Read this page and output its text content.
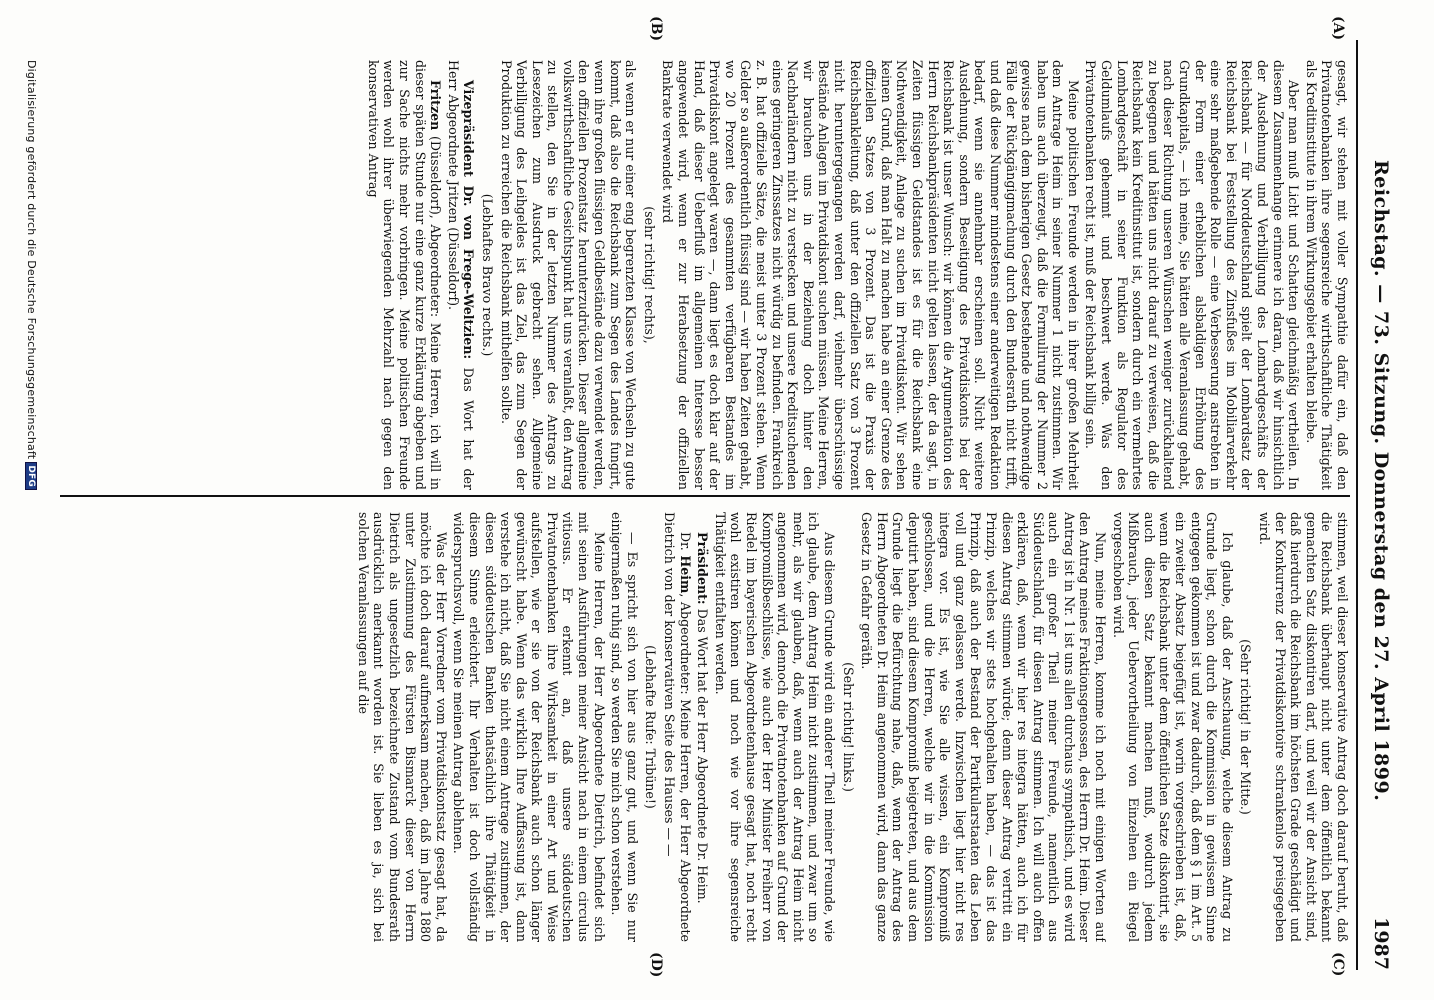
Reichstag. — 73. Sitzung. Donnerstag den 27. April 1899.
1987
(A)
(B)
(C)
(D)

gesagt, wir stehen mit voller Sympathie dafür ein, daß den Privatnotenbanken ihre segensreiche wirthschaftliche Thätigkeit als Kreditinstitute in ihrem Wirkungsgebiet erhalten bleibe.

Aber man muß Licht und Schatten gleichmäßig vertheilen. In diesem Zusammenhange erinnere ich daran, daß wir hinsichtlich der Ausdehnung und Verbilligung des Lombardgeschäfts der Reichsbank — für Norddeutschland spielt der Lombardsatz der Reichsbank bei Feststellung des Zinsfußes im Mobiliarverkehr eine sehr maßgebende Rolle — eine Verbesserung anstrebten in der Form einer erheblichen alsbaldigen Erhöhung des Grundkapitals, — ich meine, Sie hätten alle Veranlassung gehabt, nach dieser Richtung unseren Wünschen weniger zurückhaltend zu begegnen und hätten uns nicht darauf zu verweisen, daß die Reichsbank kein Kreditinstitut ist, sondern durch ein vermehrtes Lombardgeschäft in seiner Funktion als Regulator des Geldumlaufs gehemmt und beschwert werde. Was den Privatnotenbanken recht ist, muß der Reichsbank billig sein.

Meine politischen Freunde werden in ihrer großen Mehrheit dem Antrage Heim in seiner Nummer 1 nicht zustimmen. Wir haben uns auch überzeugt, daß die Formulirung der Nummer 2 gewisse nach dem bisherigen Gesetz bestehende und nothwendige Fälle der Rückgängigmachung durch den Bundesrath nicht trifft, und daß diese Nummer mindestens einer anderweitigen Redaktion bedarf, wenn sie annehmbar erscheinen soll. Nicht weitere Ausdehnung, sondern Beseitigung des Privatdiskonts bei der Reichsbank ist unser Wunsch: wir können die Argumentation des Herrn Reichsbankpräsidenten nicht gelten lassen, der da sagt, in Zeiten flüssigen Geldstandes ist es für die Reichsbank eine Nothwendigkeit, Anlage zu suchen im Privatdiskont. Wir sehen keinen Grund, daß man Halt zu machen habe an einer Grenze des offiziellen Satzes von 3 Prozent. Das ist die Praxis der Reichsbankleitung, daß unter den offiziellen Satz von 3 Prozent nicht heruntergegangen werden darf, vielmehr überschüssige Bestände Anlagen im Privatdiskont suchen müssen. Meine Herren, wir brauchen uns in der Beziehung doch hinter den Nachbarländern nicht zu verstecken und unsere Kreditsuchenden eines geringeren Zinssatzes nicht würdig zu befinden. Frankreich z. B. hat offizielle Sätze, die meist unter 3 Prozent stehen. Wenn Gelder so außerordentlich flüssig sind — wir haben Zeiten gehabt, wo 20 Prozent des gesammten verfügbaren Bestandes im Privatdiskont angelegt waren —, dann liegt es doch klar auf der Hand, daß dieser Ueberfluß im allgemeinen Interesse besser angewendet wird, wenn er zur Herabsetzung der offiziellen Bankrate verwendet wird

(sehr richtig! rechts),

als wenn er nur einer eng begrenzten Klasse von Wechseln zu gute kommt, daß also die Reichsbank zum Segen des Landes fungirt, wenn ihre großen flüssigen Geldbestände dazu verwendet werden, den offiziellen Prozentsatz herunterzudrücken. Dieser allgemeine volkswirthschaftliche Gesichtspunkt hat uns veranlaßt, den Antrag zu stellen, den Sie in der letzten Nummer des Antrags zu Lesezeichen zum Ausdruck gebracht sehen. Allgemeine Verbilligung des Leihgeldes ist das Ziel, das zum Segen der Produktion zu erreichen die Reichsbank mithelfen sollte.

(Lebhaftes Bravo rechts.)

Vizepräsident Dr. von Frege-Weltzien: Das Wort hat der Herr Abgeordnete Jritzen (Düsseldorf).

Fritzen (Düsseldorf), Abgeordneter: Meine Herren, ich will in dieser späten Stunde nur eine ganz kurze Erklärung abgeben und zur Sache nichts mehr vorbringen. Meine politischen Freunde werden wohl ihrer überwiegenden Mehrzahl nach gegen den konservativen Antrag

stimmen, weil dieser konservative Antrag doch darauf beruht, daß die Reichsbank überhaupt nicht unter dem öffentlich bekannt gemachten Satz diskontiren darf, und weil wir der Ansicht sind, daß hierdurch die Reichsbank im höchsten Grade geschädigt und der Konkurrenz der Privatdiskontoire schrankenlos preisgegeben wird.

(Sehr richtig! in der Mitte.)

Ich glaube, daß der Anschauung, welche diesem Antrag zu Grunde liegt, schon durch die Kommission in gewissem Sinne entgegen gekommen ist und zwar dadurch, daß dem § 1 im Art. 5 ein zweiter Absatz beigefügt ist, worin vorgeschrieben ist, daß, wenn die Reichsbank unter dem öffentlichen Satze diskontirt, sie auch diesen Satz bekannt machen muß, wodurch jedem Mißbrauch, jeder Uebervortheilung von Einzelnen ein Riegel vorgeschoben wird.

Nun, meine Herren, komme ich noch mit einigen Worten auf den Antrag meines Fraktionsgenossen, des Herrn Dr. Heim. Dieser Antrag ist in Nr. 1 ist uns allen durchaus sympathisch, und es wird auch ein großer Theil meiner Freunde, namentlich aus Süddeutschland, für diesen Antrag stimmen. Ich will auch offen erklären, daß, wenn wir hier res integra hätten, auch ich für diesen Antrag stimmen würde; denn dieser Antrag vertritt ein Prinzip, welches wir stets hochgehalten haben, — das ist das Prinzip, daß auch der Bestand der Partikularstaaten das Leben voll und ganz gelassen werde. Inzwischen liegt hier nicht res integra vor. Es ist, wie Sie alle wissen, ein Kompromiß geschlossen, und die Herren, welche wir in die Kommission deputirt haben, sind diesem Kompromiß beigetreten, und aus dem Grunde liegt die Befürchtung nahe, daß, wenn der Antrag des Herrn Abgeordneten Dr. Heim angenommen wird, dann das ganze Gesetz in Gefahr geräth.

(Sehr richtig! links.)

Aus diesem Grunde wird ein anderer Theil meiner Freunde, wie ich glaube, dem Antrag Heim nicht zustimmen, und zwar um so mehr, als wir glauben, daß, wenn auch der Antrag Heim nicht angenommen wird, dennoch die Privatnotenbanken auf Grund der Kompromißbeschlüsse, wie auch der Herr Minister Freiherr von Riedel im bayerischen Abgeordnetenhause gesagt hat, noch recht wohl existiren können und noch wie vor ihre segensreiche Thätigkeit entfalten werden.

Präsident: Das Wort hat der Herr Abgeordnete Dr. Heim.

Dr. Heim, Abgeordneter: Meine Herren, der Herr Abgeordnete Dietrich von der konservativen Seite des Hauses — —

(Lebhafte Rufe: Tribüne!)

— Es spricht sich von hier aus ganz gut, und wenn Sie nur einigermaßen ruhig sind, so werden Sie mich schon verstehen.

Meine Herren, der Herr Abgeordnete Dietrich, befindet sich mit seinen Ausführungen meiner Ansicht nach in einem circulus vitiosus. Er erkennt an, daß unsere süddeutschen Privatnotenbanken ihre Wirksamkeit in einer Art und Weise aufstellen, wie er sie von der Reichsbank auch schon länger gewünscht habe. Wenn das wirklich Ihre Auffassung ist, dann verstehe ich nicht, daß Sie nicht einem Antrage zustimmen, der diesen süddeutschen Banken thatsächlich ihre Thätigkeit in diesem Sinne erleichtert. Ihr Verhalten ist doch vollständig widerspruchsvoll, wenn Sie meinen Antrag ablehnen.

Was der Herr Vorredner vom Privatdiskontsatz gesagt hat, da möchte ich doch darauf aufmerksam machen, daß im Jahre 1880 unter Zustimmung des Fürsten Bismarck dieser von Herrn Dietrich als ungesetzlich bezeichnete Zustand vom Bundesrath ausdrücklich anerkannt worden ist. Sie lieben es ja, sich bei solchen Veranlassungen auf die

Digitalisierung gefördert durch die Deutsche ForschungsgemeinschaftDFG
